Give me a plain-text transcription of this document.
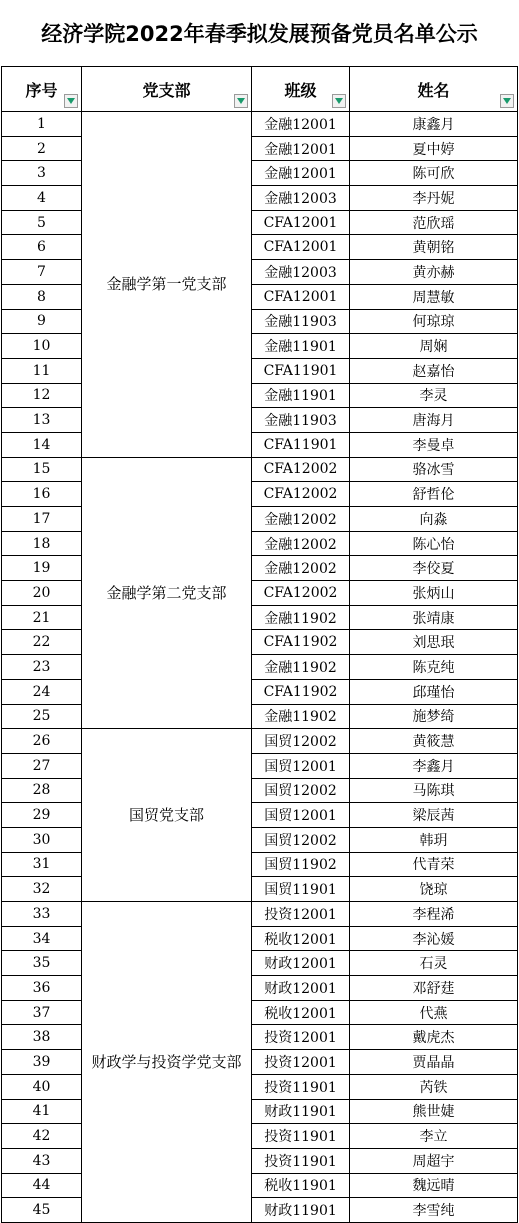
经济学院2022年春季拟发展预备党员名单公示
序号	党支部	班级	姓名

1	金融学第一党支部	金融12001	康鑫月
2		金融12001	夏中婷
3		金融12001	陈可欣
4		金融12003	李丹妮
5		CFA12001	范欣瑶
6		CFA12001	黄朝铭
7		金融12003	黄亦赫
8		CFA12001	周慧敏
9		金融11903	何琼琼
10		金融11901	周娴
11		CFA11901	赵嘉怡
12		金融11901	李灵
13		金融11903	唐海月
14		CFA11901	李曼卓
15	金融学第二党支部	CFA12002	骆冰雪
16		CFA12002	舒哲伦
17		金融12002	向淼
18		金融12002	陈心怡
19		金融12002	李佼夏
20		CFA12002	张炳山
21		金融11902	张靖康
22		CFA11902	刘思珉
23		金融11902	陈克纯
24		CFA11902	邱瑾怡
25		金融11902	施梦绮
26	国贸党支部	国贸12002	黄筱慧
27		国贸12001	李鑫月
28		国贸12002	马陈琪
29		国贸12001	梁辰茜
30		国贸12002	韩玥
31		国贸11902	代青荣
32		国贸11901	饶琼
33	财政学与投资学党支部	投资12001	李程浠
34		税收12001	李沁媛
35		财政12001	石灵
36		财政12001	邓舒莛
37		税收12001	代燕
38		投资12001	戴虎杰
39		投资12001	贾晶晶
40		投资11901	芮铁
41		财政11901	熊世婕
42		投资11901	李立
43		投资11901	周超宇
44		税收11901	魏远晴
45		财政11901	李雪纯
